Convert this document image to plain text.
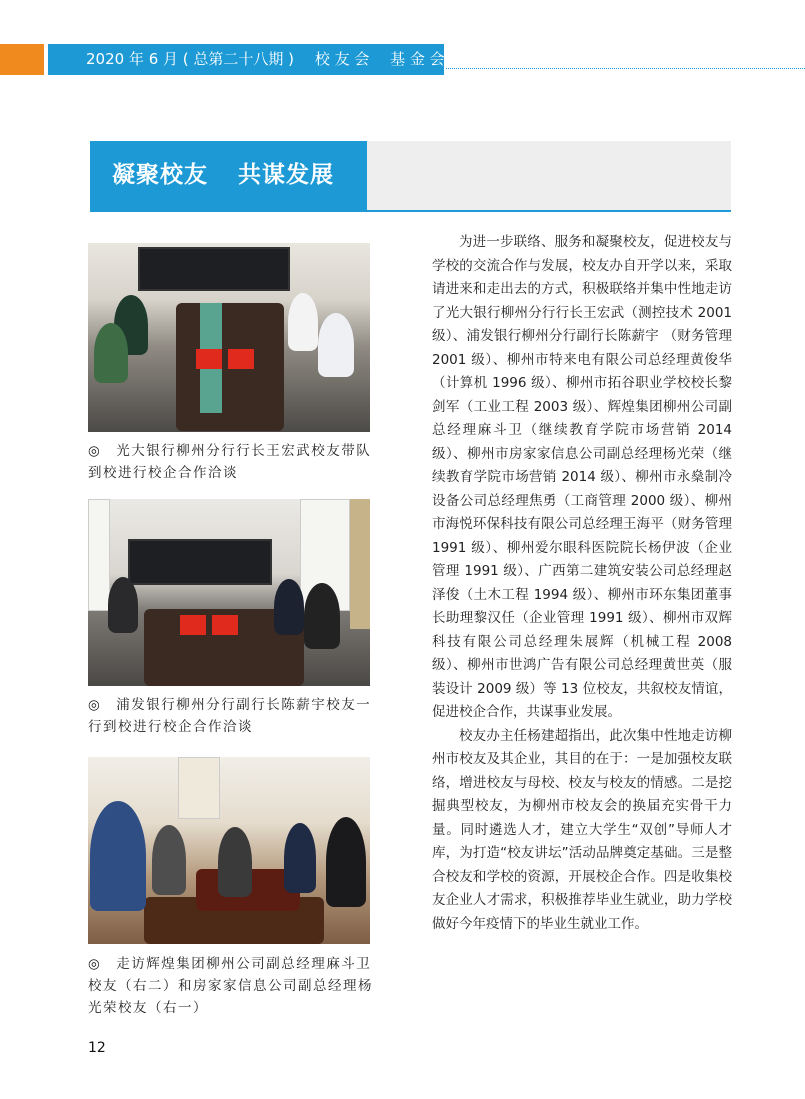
2020 年 6 月 ( 总第二十八期 ) 校 友 会 基 金 会
凝聚校友 共谋发展
◎　光大银行柳州分行行长王宏武校友带队到校进行校企合作洽谈
◎　浦发银行柳州分行副行长陈薪宇校友一行到校进行校企合作洽谈
◎　走访辉煌集团柳州公司副总经理麻斗卫校友（右二）和房家家信息公司副总经理杨光荣校友（右一）

为进一步联络、服务和凝聚校友，促进校友与学校的交流合作与发展，校友办自开学以来，采取请进来和走出去的方式，积极联络并集中性地走访了光大银行柳州分行行长王宏武（测控技术 2001 级）、浦发银行柳州分行副行长陈薪宇 （财务管理 2001 级）、柳州市特来电有限公司总经理黄俊华（计算机 1996 级）、柳州市拓谷职业学校校长黎剑军（工业工程 2003 级）、辉煌集团柳州公司副总经理麻斗卫（继续教育学院市场营销 2014 级）、柳州市房家家信息公司副总经理杨光荣（继续教育学院市场营销 2014 级）、柳州市永燊制冷设备公司总经理焦勇（工商管理 2000 级）、柳州市海悦环保科技有限公司总经理王海平（财务管理 1991 级）、柳州爱尔眼科医院院长杨伊波（企业管理 1991 级）、广西第二建筑安装公司总经理赵泽俊（土木工程 1994 级）、柳州市环东集团董事长助理黎汉任（企业管理 1991 级）、柳州市双辉科技有限公司总经理朱展辉（机械工程 2008 级）、柳州市世鸿广告有限公司总经理黄世英（服装设计 2009 级）等 13 位校友，共叙校友情谊，促进校企合作，共谋事业发展。

校友办主任杨建超指出，此次集中性地走访柳州市校友及其企业，其目的在于：一是加强校友联络，增进校友与母校、校友与校友的情感。二是挖掘典型校友，为柳州市校友会的换届充实骨干力量。同时遴选人才，建立大学生“双创”导师人才库，为打造“校友讲坛”活动品牌奠定基础。三是整合校友和学校的资源，开展校企合作。四是收集校友企业人才需求，积极推荐毕业生就业，助力学校做好今年疫情下的毕业生就业工作。

12
